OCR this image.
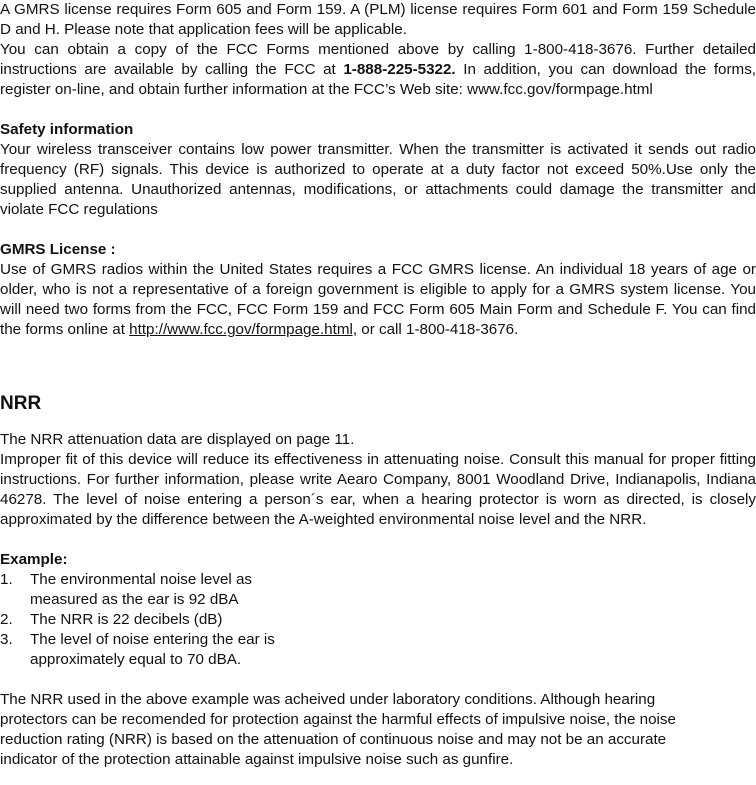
A GMRS license requires Form 605 and Form 159. A (PLM) license requires Form 601 and Form 159 Schedule D and H. Please note that application fees will be applicable.

You can obtain a copy of the FCC Forms mentioned above by calling 1-800-418-3676. Further detailed instructions are available by calling the FCC at 1-888-225-5322. In addition, you can download the forms, register on-line, and obtain further information at the FCC’s Web site: www.fcc.gov/formpage.html

Safety information

Your wireless transceiver contains low power transmitter. When the transmitter is activated it sends out radio frequency (RF) signals. This device is authorized to operate at a duty factor not exceed 50%.Use only the supplied antenna. Unauthorized antennas, modifications, or attachments could damage the transmitter and violate FCC regulations

GMRS License :

Use of GMRS radios within the United States requires a FCC GMRS license. An individual 18 years of age or older, who is not a representative of a foreign government is eligible to apply for a GMRS system license. You will need two forms from the FCC, FCC Form 159 and FCC Form 605 Main Form and Schedule F. You can find the forms online at http://www.fcc.gov/formpage.html, or call 1-800-418-3676.

NRR

The NRR attenuation data are displayed on page 11.

Improper fit of this device will reduce its effectiveness in attenuating noise. Consult this manual for proper fitting instructions. For further information, please write Aearo Company, 8001 Woodland Drive, Indianapolis, Indiana 46278. The level of noise entering a person´s ear, when a hearing protector is worn as directed, is closely approximated by the difference between the A-weighted environmental noise level and the NRR.

Example:

1.	The environmental noise level as measured as the ear is 92 dBA
2.	The NRR is 22 decibels (dB)
3.	The level of noise entering the ear is approximately equal to 70 dBA.
The NRR used in the above example was acheived under laboratory conditions. Although hearing
protectors can be recomended for protection against the harmful effects of impulsive noise, the noise
reduction rating (NRR) is based on the attenuation of continuous noise and may not be an accurate
indicator of the protection attainable against impulsive noise such as gunfire.
